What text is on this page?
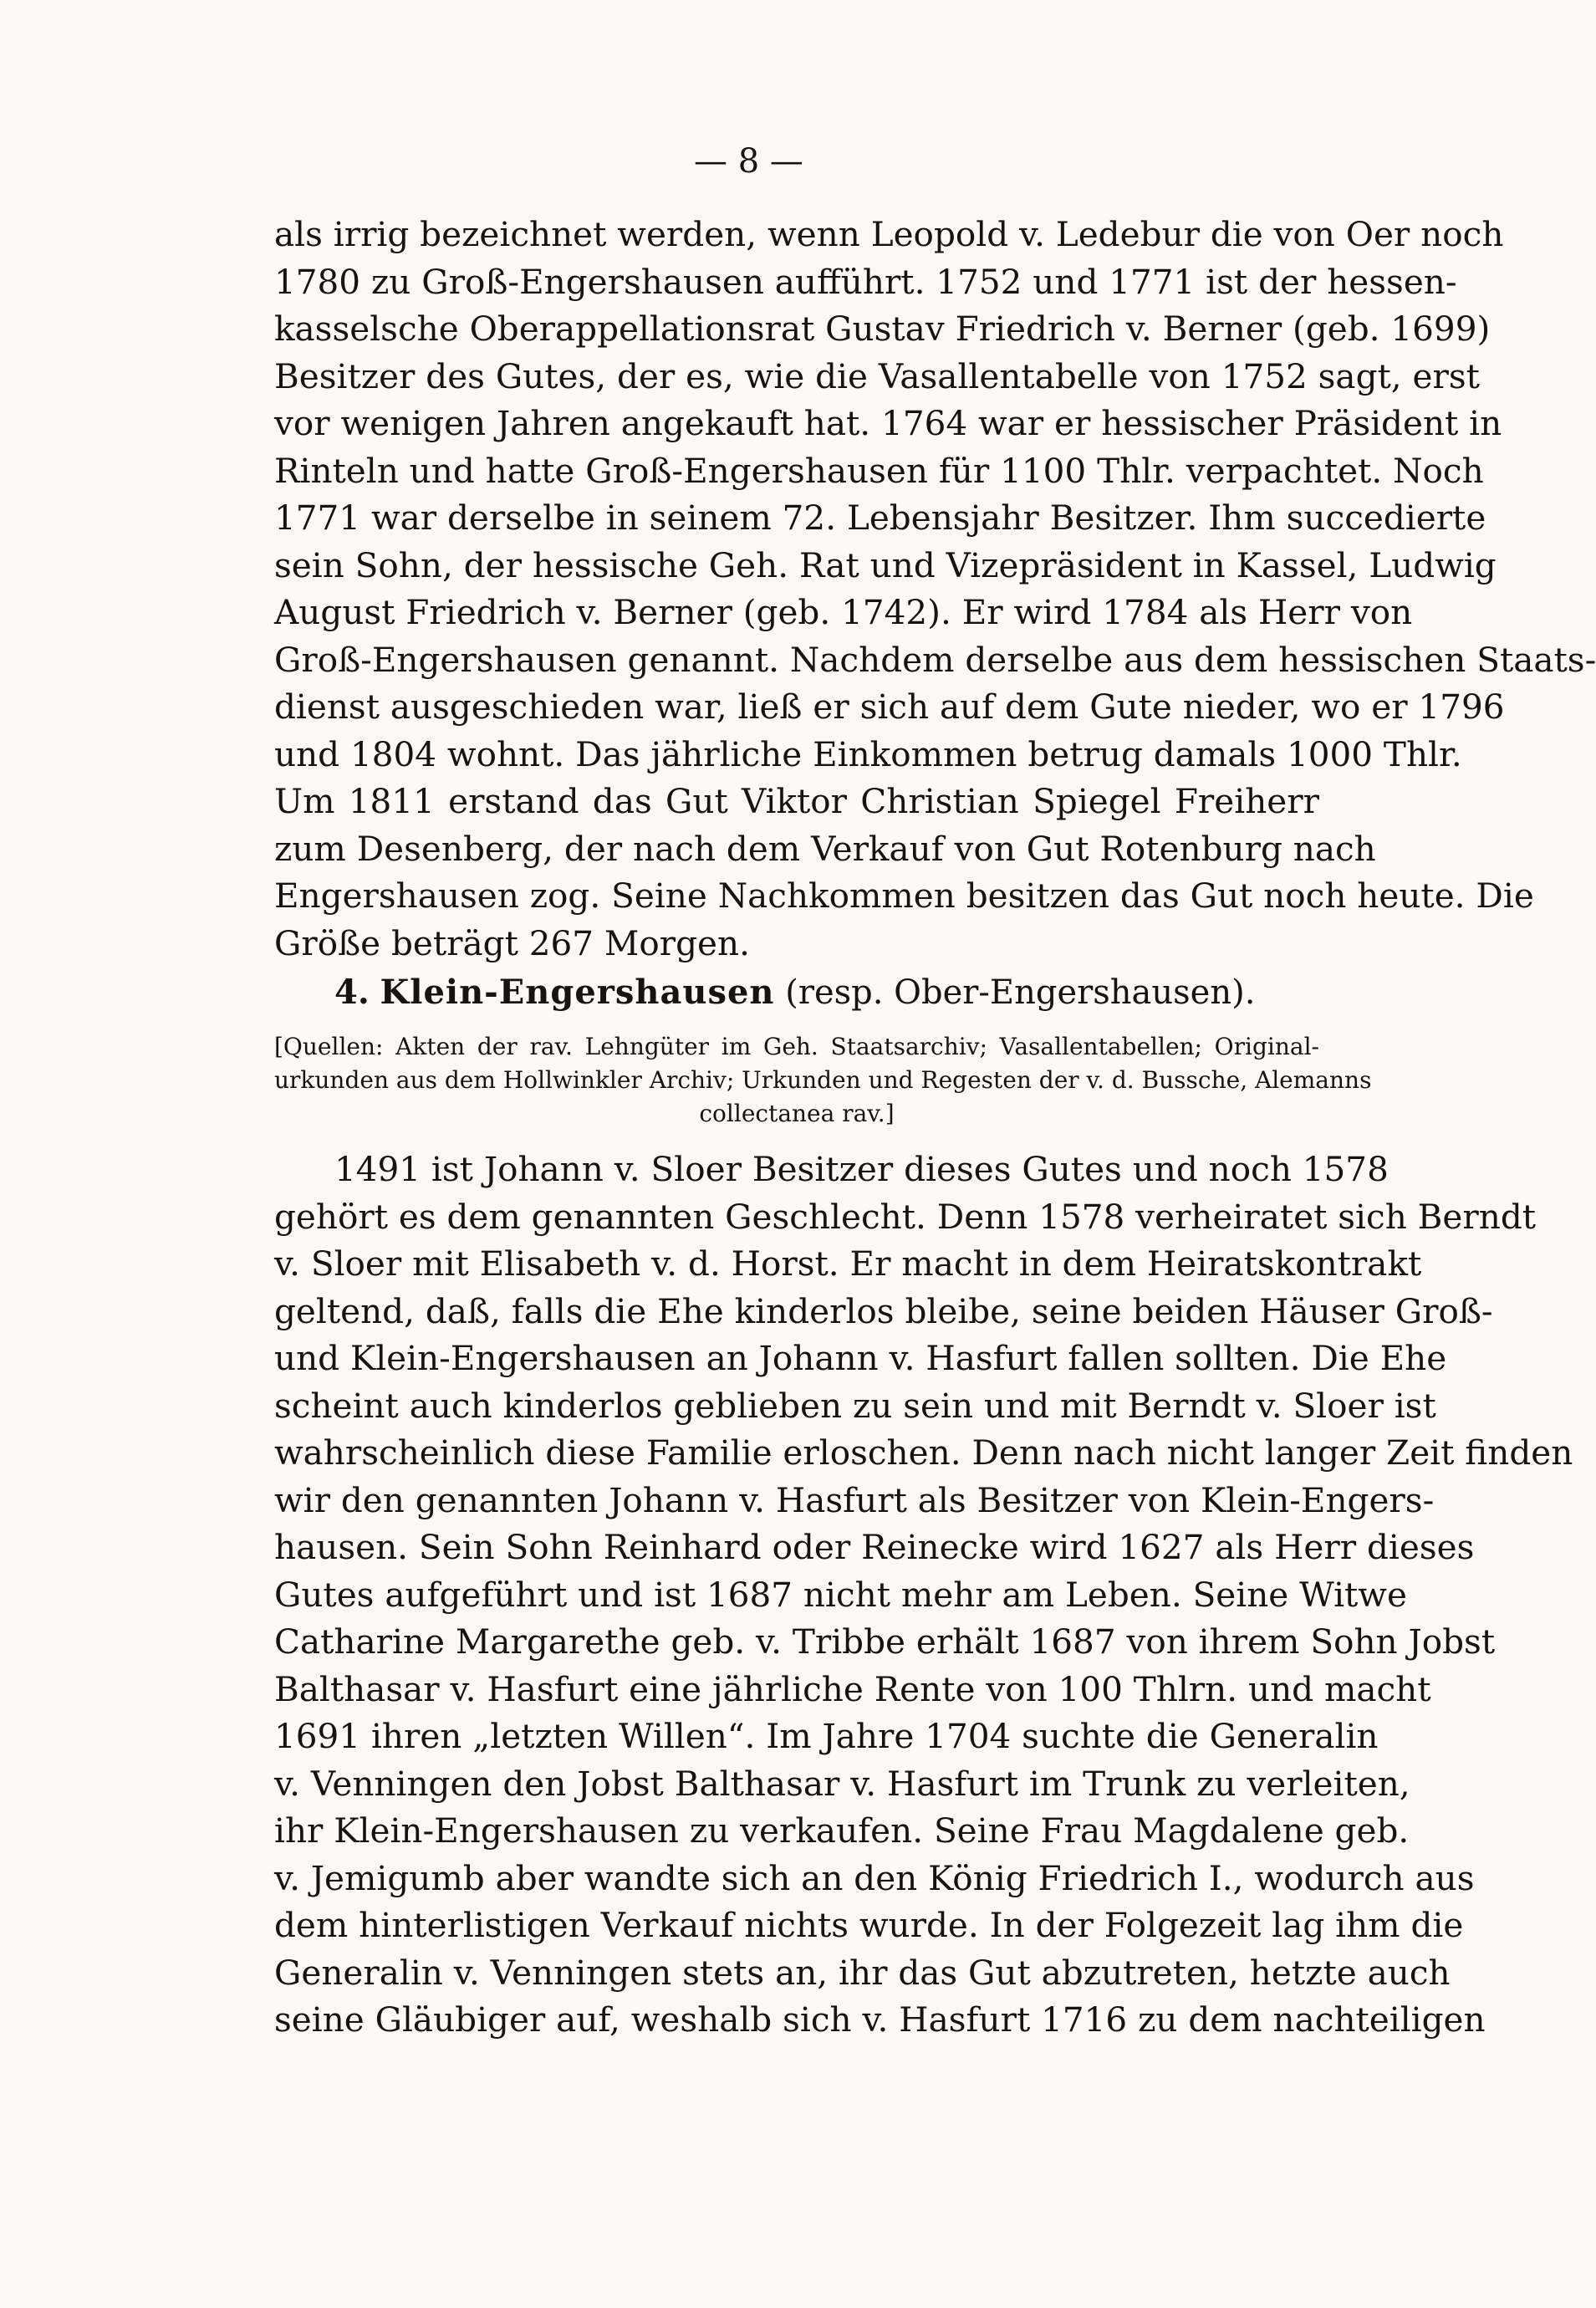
— 8 —
als irrig bezeichnet werden, wenn Leopold v. Ledebur die von Oer noch
1780 zu Groß-Engershausen aufführt. 1752 und 1771 ist der hessen-
kasselsche Oberappellationsrat Gustav Friedrich v. Berner (geb. 1699)
Besitzer des Gutes, der es, wie die Vasallentabelle von 1752 sagt, erst
vor wenigen Jahren angekauft hat. 1764 war er hessischer Präsident in
Rinteln und hatte Groß-Engershausen für 1100 Thlr. verpachtet. Noch
1771 war derselbe in seinem 72. Lebensjahr Besitzer. Ihm succedierte
sein Sohn, der hessische Geh. Rat und Vizepräsident in Kassel, Ludwig
August Friedrich v. Berner (geb. 1742). Er wird 1784 als Herr von
Groß-Engershausen genannt. Nachdem derselbe aus dem hessischen Staats-
dienst ausgeschieden war, ließ er sich auf dem Gute nieder, wo er 1796
und 1804 wohnt. Das jährliche Einkommen betrug damals 1000 Thlr.
Um 1811 erstand das Gut Viktor Christian Spiegel Freiherr
zum Desenberg, der nach dem Verkauf von Gut Rotenburg nach
Engershausen zog. Seine Nachkommen besitzen das Gut noch heute. Die
Größe beträgt 267 Morgen.
4. Klein-Engershausen (resp. Ober-Engershausen).
[Quellen: Akten der rav. Lehngüter im Geh. Staatsarchiv; Vasallentabellen; Original-
urkunden aus dem Hollwinkler Archiv; Urkunden und Regesten der v. d. Bussche, Alemanns
collectanea rav.]
1491 ist Johann v. Sloer Besitzer dieses Gutes und noch 1578
gehört es dem genannten Geschlecht. Denn 1578 verheiratet sich Berndt
v. Sloer mit Elisabeth v. d. Horst. Er macht in dem Heiratskontrakt
geltend, daß, falls die Ehe kinderlos bleibe, seine beiden Häuser Groß-
und Klein-Engershausen an Johann v. Hasfurt fallen sollten. Die Ehe
scheint auch kinderlos geblieben zu sein und mit Berndt v. Sloer ist
wahrscheinlich diese Familie erloschen. Denn nach nicht langer Zeit finden
wir den genannten Johann v. Hasfurt als Besitzer von Klein-Engers-
hausen. Sein Sohn Reinhard oder Reinecke wird 1627 als Herr dieses
Gutes aufgeführt und ist 1687 nicht mehr am Leben. Seine Witwe
Catharine Margarethe geb. v. Tribbe erhält 1687 von ihrem Sohn Jobst
Balthasar v. Hasfurt eine jährliche Rente von 100 Thlrn. und macht
1691 ihren „letzten Willen“. Im Jahre 1704 suchte die Generalin
v. Venningen den Jobst Balthasar v. Hasfurt im Trunk zu verleiten,
ihr Klein-Engershausen zu verkaufen. Seine Frau Magdalene geb.
v. Jemigumb aber wandte sich an den König Friedrich I., wodurch aus
dem hinterlistigen Verkauf nichts wurde. In der Folgezeit lag ihm die
Generalin v. Venningen stets an, ihr das Gut abzutreten, hetzte auch
seine Gläubiger auf, weshalb sich v. Hasfurt 1716 zu dem nachteiligen
